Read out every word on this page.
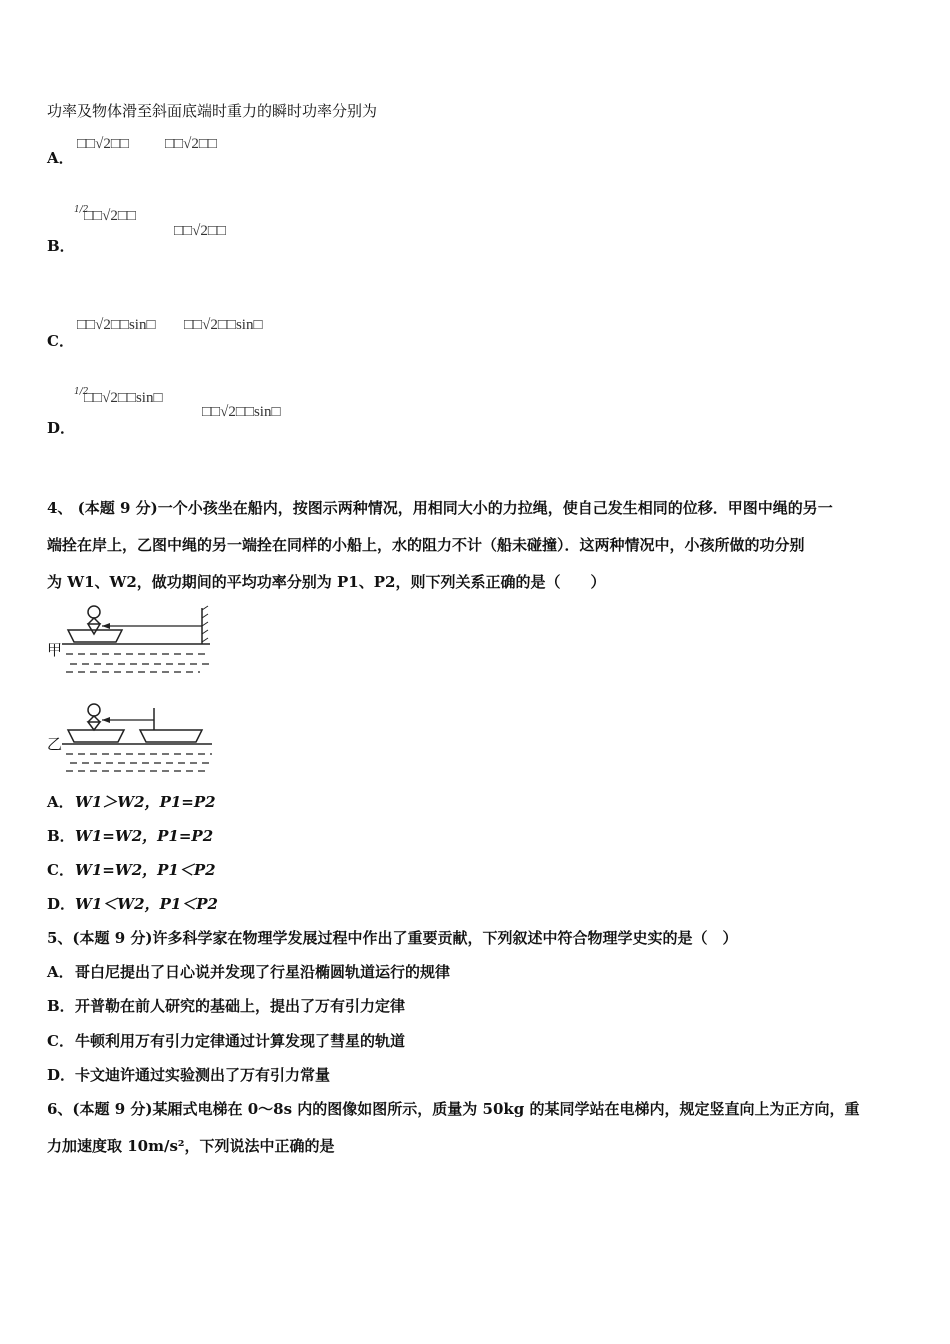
功率及物体滑至斜面底端时重力的瞬时功率分别为
A．
□□√2□□ □□√2□□
B．
1/2
□□√2□□
□□√2□□
C．
□□√2□□sin□ □□√2□□sin□
D．
1/2
□□√2□□sin□
□□√2□□sin□
4、 (本题 9 分)一个小孩坐在船内，按图示两种情况，用相同大小的力拉绳，使自己发生相同的位移．甲图中绳的另一
端拴在岸上，乙图中绳的另一端拴在同样的小船上，水的阻力不计（船未碰撞）．这两种情况中，小孩所做的功分别
为 W1、W2，做功期间的平均功率分别为 P1、P2，则下列关系正确的是（　　）
甲
乙
A． W1＞W2，P1=P2
B． W1=W2，P1=P2
C． W1=W2，P1＜P2
D． W1＜W2，P1＜P2
5、(本题 9 分)许多科学家在物理学发展过程中作出了重要贡献，下列叙述中符合物理学史实的是（　）
A． 哥白尼提出了日心说并发现了行星沿椭圆轨道运行的规律
B． 开普勒在前人研究的基础上，提出了万有引力定律
C． 牛顿利用万有引力定律通过计算发现了彗星的轨道
D． 卡文迪许通过实验测出了万有引力常量
6、(本题 9 分)某厢式电梯在 0～8s 内的图像如图所示，质量为 50kg 的某同学站在电梯内，规定竖直向上为正方向，重
力加速度取 10m/s²，下列说法中正确的是
